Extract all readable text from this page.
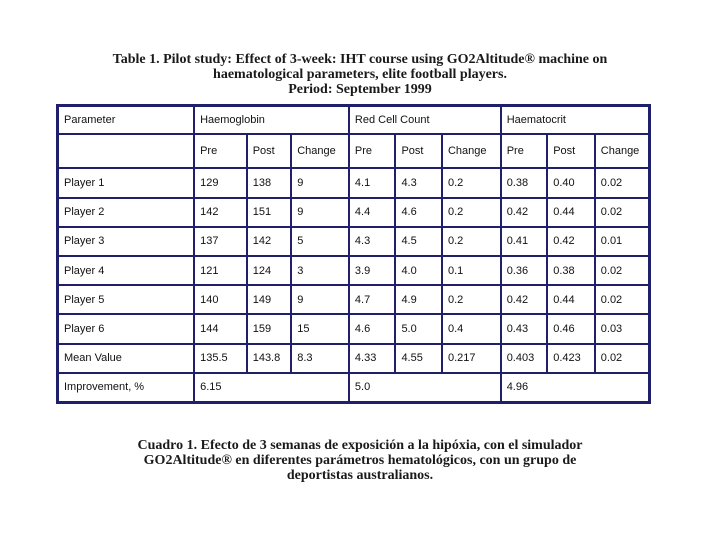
Table 1. Pilot study: Effect of 3-week: IHT course using GO2Altitude® machine on
haematological parameters, elite football players.
Period: September 1999
Parameter	Haemoglobin			Red Cell Count			Haematocrit		
	Pre	Post	Change	Pre	Post	Change	Pre	Post	Change
Player 1	129	138	9	4.1	4.3	0.2	0.38	0.40	0.02
Player 2	142	151	9	4.4	4.6	0.2	0.42	0.44	0.02
Player 3	137	142	5	4.3	4.5	0.2	0.41	0.42	0.01
Player 4	121	124	3	3.9	4.0	0.1	0.36	0.38	0.02
Player 5	140	149	9	4.7	4.9	0.2	0.42	0.44	0.02
Player 6	144	159	15	4.6	5.0	0.4	0.43	0.46	0.03
Mean Value	135.5	143.8	8.3	4.33	4.55	0.217	0.403	0.423	0.02
Improvement, %	6.15			5.0			4.96		
Cuadro 1. Efecto de 3 semanas de exposición a la hipóxia, con el simulador
GO2Altitude® en diferentes parámetros hematológicos, con un grupo de
deportistas australianos.
